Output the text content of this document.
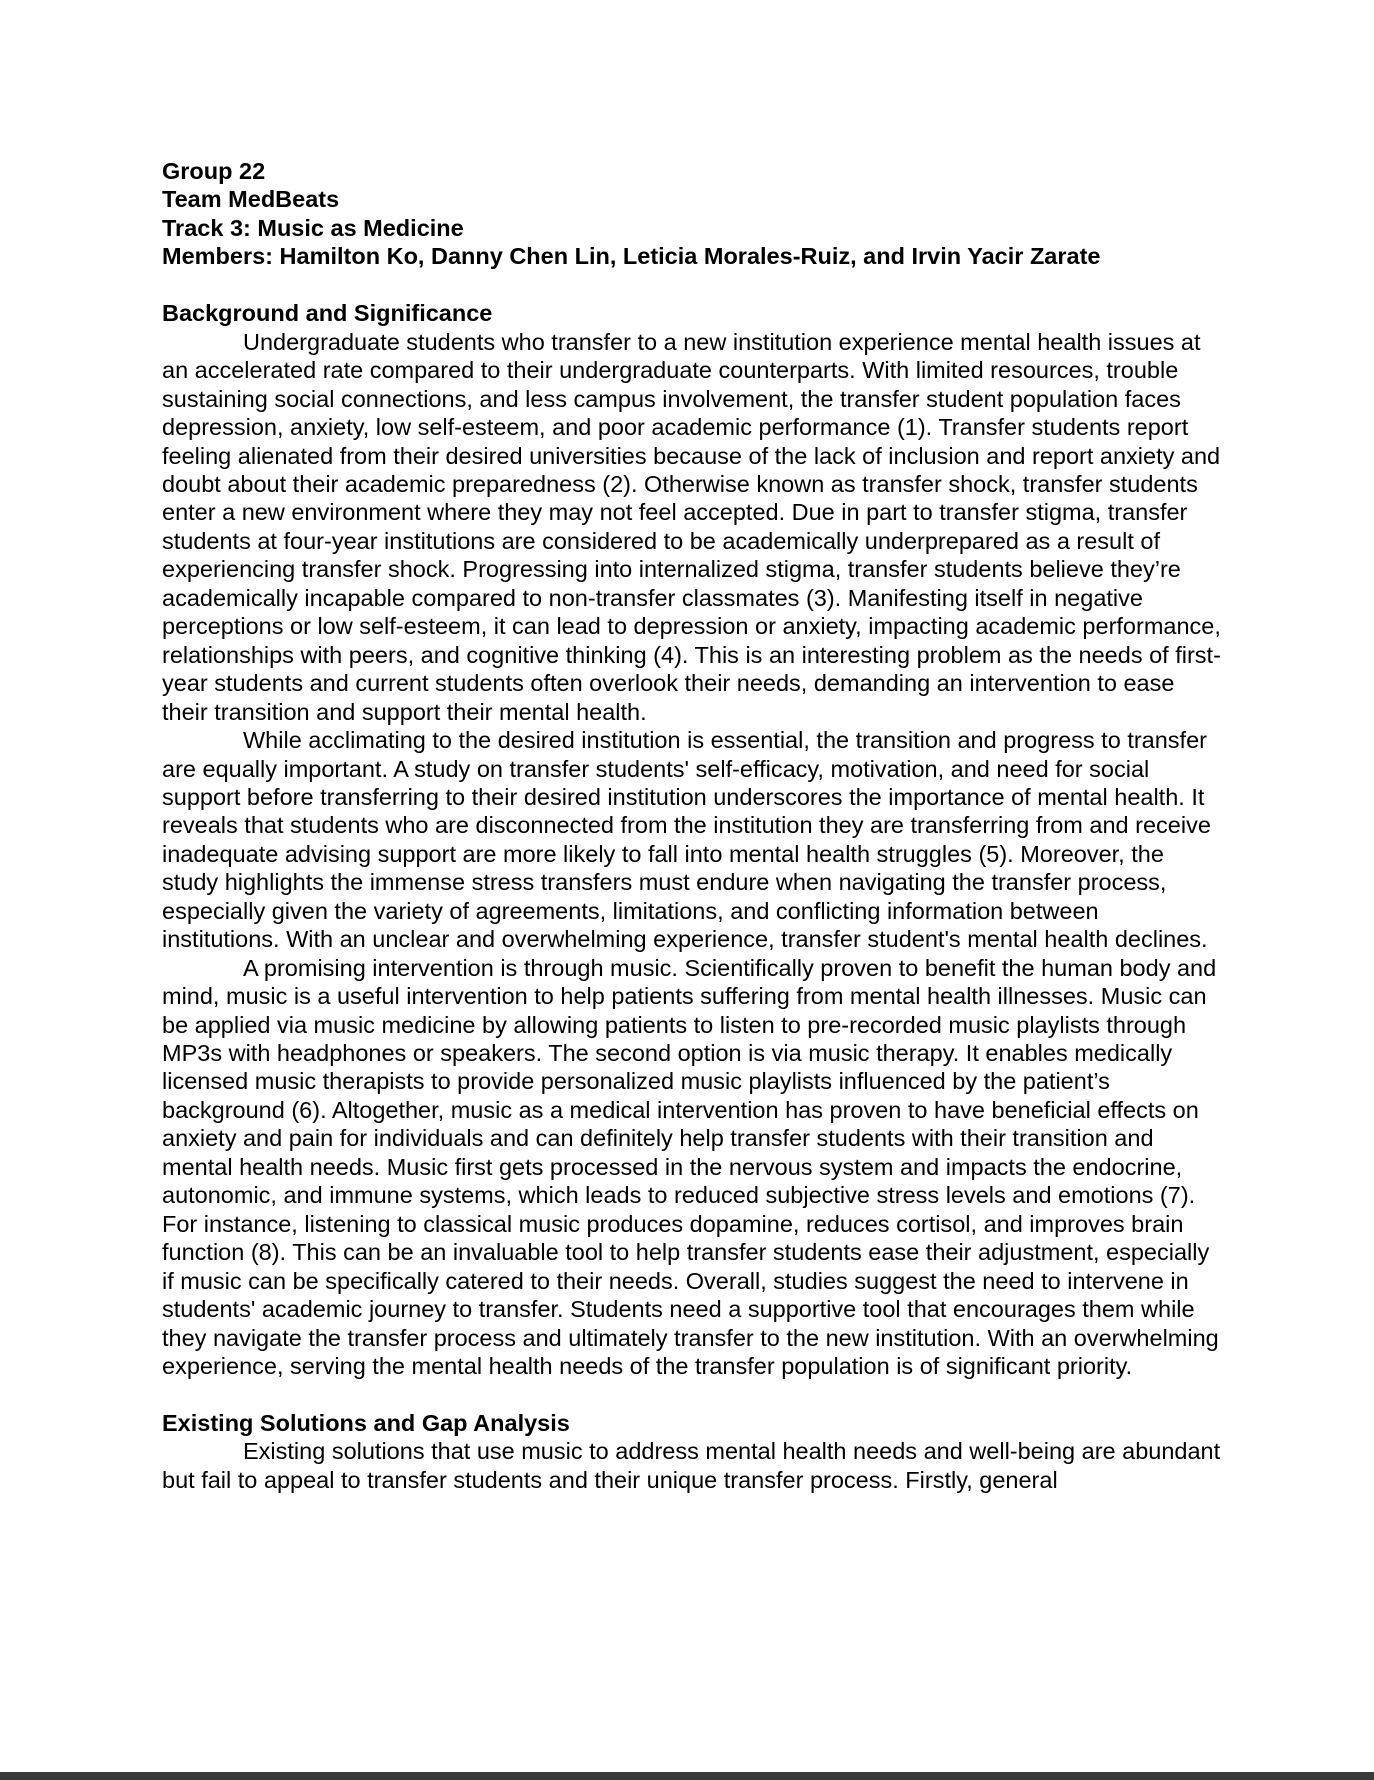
Group 22
Team MedBeats
Track 3: Music as Medicine
Members: Hamilton Ko, Danny Chen Lin, Leticia Morales-Ruiz, and Irvin Yacir Zarate
Background and Significance

Undergraduate students who transfer to a new institution experience mental health issues at an accelerated rate compared to their undergraduate counterparts. With limited resources, trouble sustaining social connections, and less campus involvement, the transfer student population faces depression, anxiety, low self-esteem, and poor academic performance (1). Transfer students report feeling alienated from their desired universities because of the lack of inclusion and report anxiety and doubt about their academic preparedness (2). Otherwise known as transfer shock, transfer students enter a new environment where they may not feel accepted. Due in part to transfer stigma, transfer students at four-year institutions are considered to be academically underprepared as a result of experiencing transfer shock. Progressing into internalized stigma, transfer students believe they’re academically incapable compared to non-transfer classmates (3). Manifesting itself in negative perceptions or low self-esteem, it can lead to depression or anxiety, impacting academic performance, relationships with peers, and cognitive thinking (4). This is an interesting problem as the needs of first-year students and current students often overlook their needs, demanding an intervention to ease their transition and support their mental health.

While acclimating to the desired institution is essential, the transition and progress to transfer are equally important. A study on transfer students' self-efficacy, motivation, and need for social support before transferring to their desired institution underscores the importance of mental health. It reveals that students who are disconnected from the institution they are transferring from and receive inadequate advising support are more likely to fall into mental health struggles (5). Moreover, the study highlights the immense stress transfers must endure when navigating the transfer process, especially given the variety of agreements, limitations, and conflicting information between institutions. With an unclear and overwhelming experience, transfer student's mental health declines.

A promising intervention is through music. Scientifically proven to benefit the human body and mind, music is a useful intervention to help patients suffering from mental health illnesses. Music can be applied via music medicine by allowing patients to listen to pre-recorded music playlists through MP3s with headphones or speakers. The second option is via music therapy. It enables medically licensed music therapists to provide personalized music playlists influenced by the patient’s background (6). Altogether, music as a medical intervention has proven to have beneficial effects on anxiety and pain for individuals and can definitely help transfer students with their transition and mental health needs. Music first gets processed in the nervous system and impacts the endocrine, autonomic, and immune systems, which leads to reduced subjective stress levels and emotions (7). For instance, listening to classical music produces dopamine, reduces cortisol, and improves brain function (8). This can be an invaluable tool to help transfer students ease their adjustment, especially if music can be specifically catered to their needs. Overall, studies suggest the need to intervene in students' academic journey to transfer. Students need a supportive tool that encourages them while they navigate the transfer process and ultimately transfer to the new institution. With an overwhelming experience, serving the mental health needs of the transfer population is of significant priority.

Existing Solutions and Gap Analysis

Existing solutions that use music to address mental health needs and well-being are abundant but fail to appeal to transfer students and their unique transfer process. Firstly, general
